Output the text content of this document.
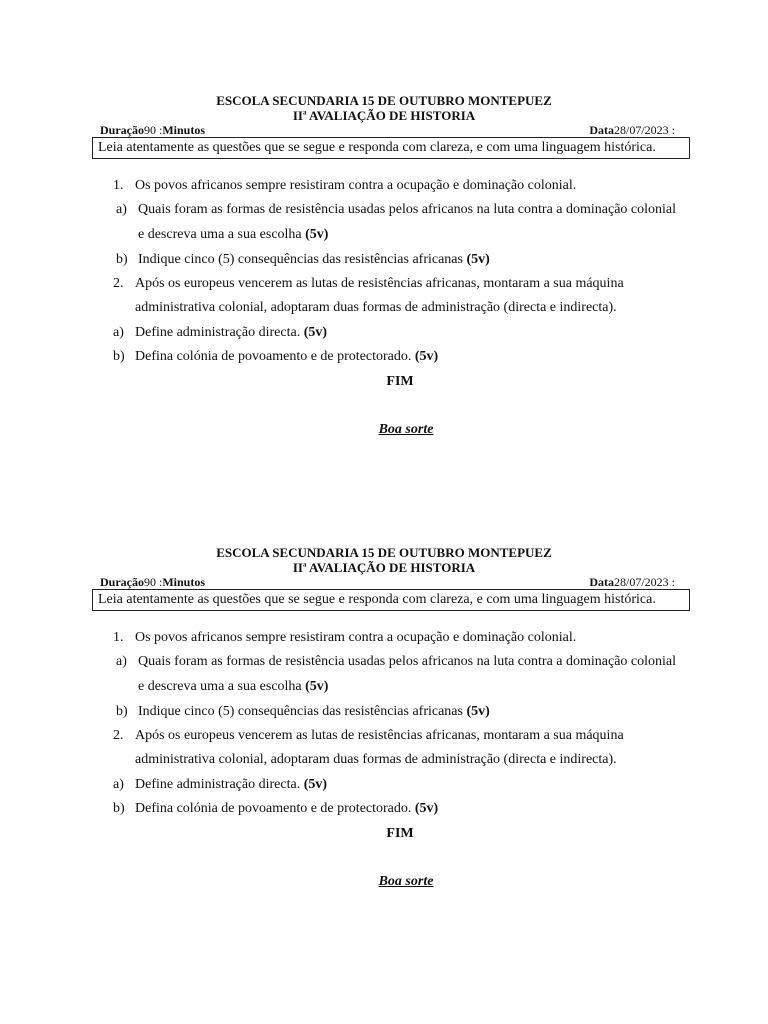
ESCOLA SECUNDARIA 15 DE OUTUBRO MONTEPUEZ
$II^a$ AVALIAÇÃO DE HISTORIA
Duração90 :Minutos	Data28/07/2023 :
Leia atentamente as questões que se segue e responda com clareza, e com uma linguagem histórica.
1. Os povos africanos sempre resistiram contra a ocupação e dominação colonial.
a) Quais foram as formas de resistência usadas pelos africanos na luta contra a dominação colonial
e descreva uma a sua escolha (5v)
b) Indique cinco (5) consequências das resistências africanas (5v)
2. Após os europeus vencerem as lutas de resistências africanas, montaram a sua máquina
administrativa colonial, adoptaram duas formas de administração (directa e indirecta).
a) Define administração directa. (5v)
b) Defina colónia de povoamento e de protectorado. (5v)
FIM
Boa sorte
ESCOLA SECUNDARIA 15 DE OUTUBRO MONTEPUEZ
$II^a$ AVALIAÇÃO DE HISTORIA
Duração90 :Minutos	Data28/07/2023 :
Leia atentamente as questões que se segue e responda com clareza, e com uma linguagem histórica.
1. Os povos africanos sempre resistiram contra a ocupação e dominação colonial.
a) Quais foram as formas de resistência usadas pelos africanos na luta contra a dominação colonial
e descreva uma a sua escolha (5v)
b) Indique cinco (5) consequências das resistências africanas (5v)
2. Após os europeus vencerem as lutas de resistências africanas, montaram a sua máquina
administrativa colonial, adoptaram duas formas de administração (directa e indirecta).
a) Define administração directa. (5v)
b) Defina colónia de povoamento e de protectorado. (5v)
FIM
Boa sorte
